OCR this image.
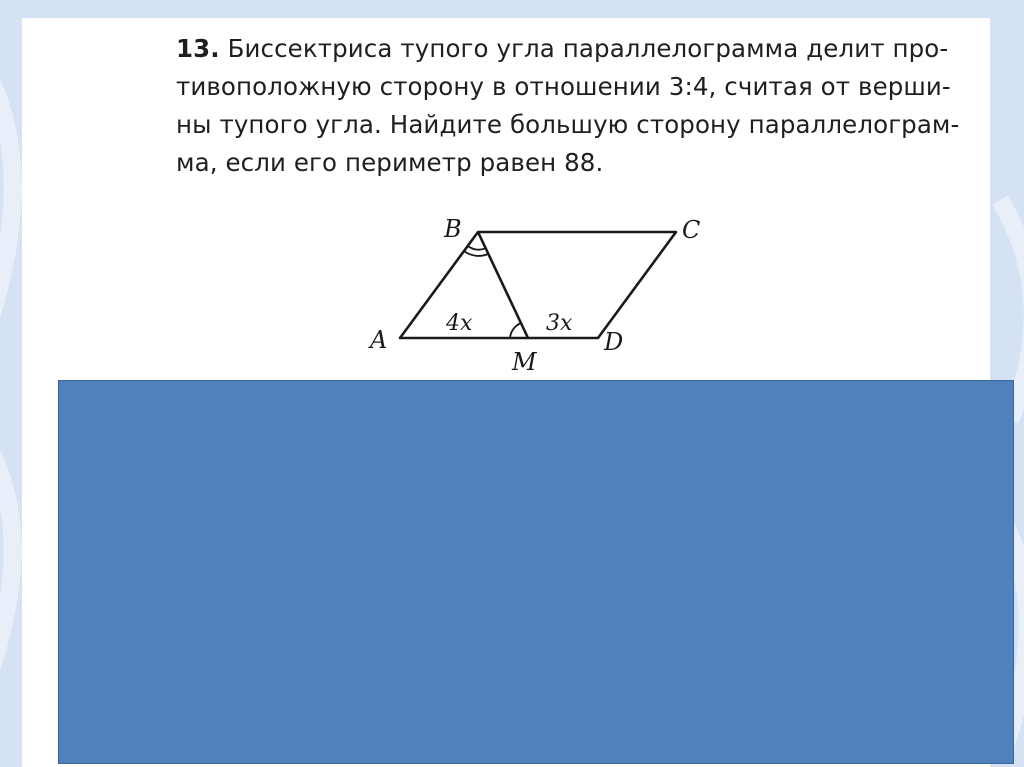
13. Биссектриса тупого угла параллелограмма делит про-
тивоположную сторону в отношении 3:4, считая от верши-
ны тупого угла. Найдите большую сторону параллелограм-
ма, если его периметр равен 88.
B	C
A	D
M
4x	3x
